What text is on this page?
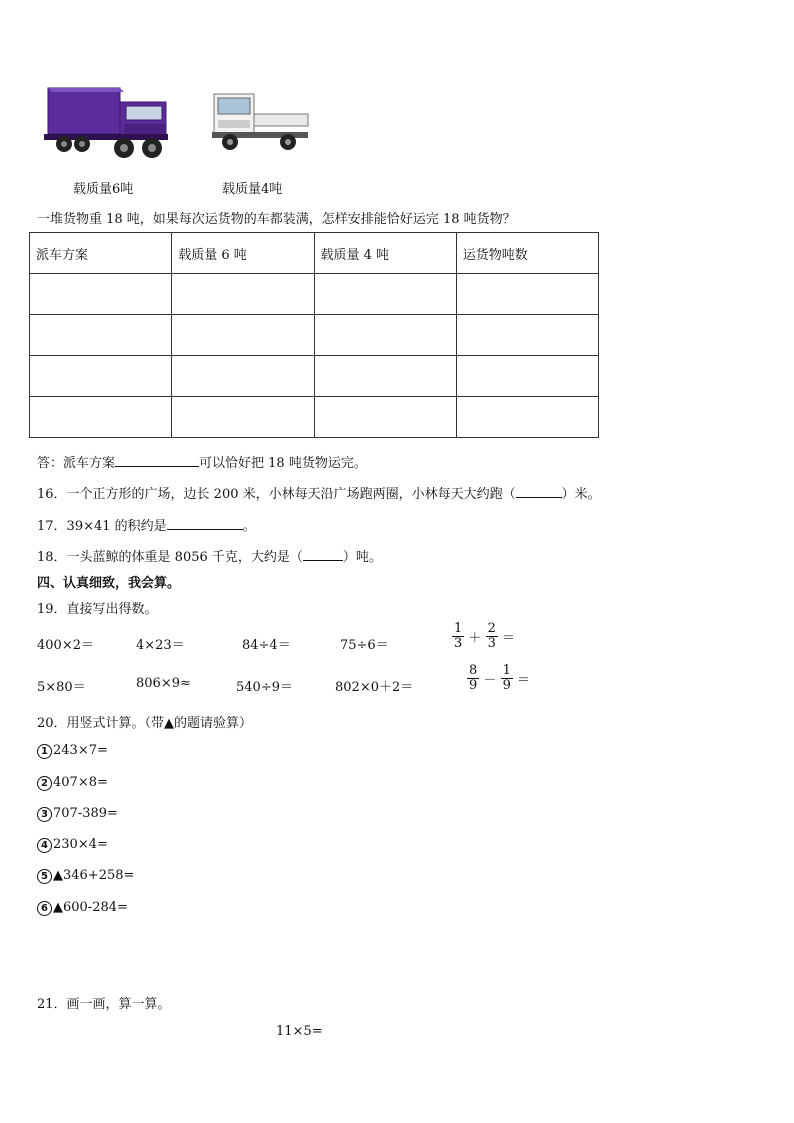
载质量6吨	载质量4吨
一堆货物重 18 吨，如果每次运货物的车都装满，怎样安排能恰好运完 18 吨货物？
派车方案	载质量 6 吨	载质量 4 吨	运货物吨数

答：派车方案	可以恰好把 18 吨货物运完。
16．一个正方形的广场，边长 200 米，小林每天沿广场跑两圈，小林每天大约跑（	）米。
17．39×41 的积约是	。
18．一头蓝鲸的体重是 8056 千克，大约是（	）吨。
四、认真细致，我会算。
19．直接写出得数。
400×2＝	4×23＝	84÷4＝	75÷6＝	$\frac{1}{3} + \frac{2}{3}$ ＝
5×80＝	806×9≈	540÷9＝	802×0＋2＝	$\frac{8}{9} - \frac{1}{9}$ ＝
20．用竖式计算。（带▲的题请验算）
1 243×7=
2 407×8=
3 707-389=
4 230×4=
5 ▲346+258=
6 ▲600-284=
21．画一画，算一算。
11×5=
